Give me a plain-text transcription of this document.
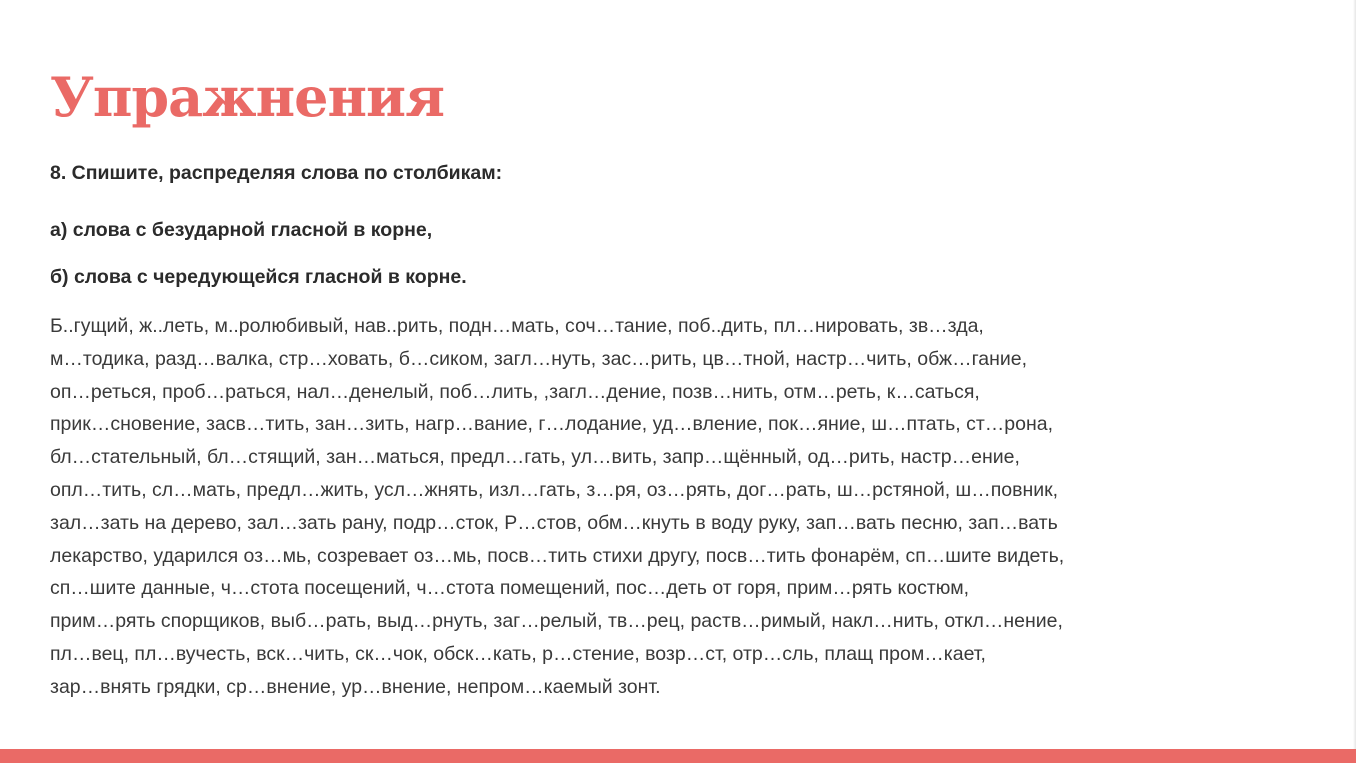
Упражнения

8. Спишите, распределяя слова по столбикам:

а) слова с безударной гласной в корне,

б) слова с чередующейся гласной в корне.

Б..гущий, ж..леть, м..ролюбивый, нав..рить, подн…мать, соч…тание, поб..дить, пл…нировать, зв…зда,
м…тодика, разд…валка, стр…ховать, б…сиком, загл…нуть, зас…рить, цв…тной, настр…чить, обж…гание,
оп…реться, проб…раться, нал…денелый, поб…лить, ,загл…дение, позв…нить, отм…реть, к…саться,
прик…сновение, засв…тить, зан…зить, нагр…вание, г…лодание, уд…вление, пок…яние, ш…птать, ст…рона,
бл…стательный, бл…стящий, зан…маться, предл…гать, ул…вить, запр…щённый, од…рить, настр…ение,
опл…тить, сл…мать, предл…жить, усл…жнять, изл…гать, з…ря, оз…рять, дог…рать, ш…рстяной, ш…повник,
зал…зать на дерево, зал…зать рану, подр…сток, Р…стов, обм…кнуть в воду руку, зап…вать песню, зап…вать
лекарство, ударился оз…мь, созревает оз…мь, посв…тить стихи другу, посв…тить фонарём, сп…шите видеть,
сп…шите данные, ч…стота посещений, ч…стота помещений, пос…деть от горя, прим…рять костюм,
прим…рять спорщиков, выб…рать, выд…рнуть, заг…релый, тв…рец, раств…римый, накл…нить, откл…нение,
пл…вец, пл…вучесть, вск…чить, ск…чок, обск…кать, р…стение, возр…ст, отр…сль, плащ пром…кает,
зар…внять грядки, ср…внение, ур…внение, непром…каемый зонт.
